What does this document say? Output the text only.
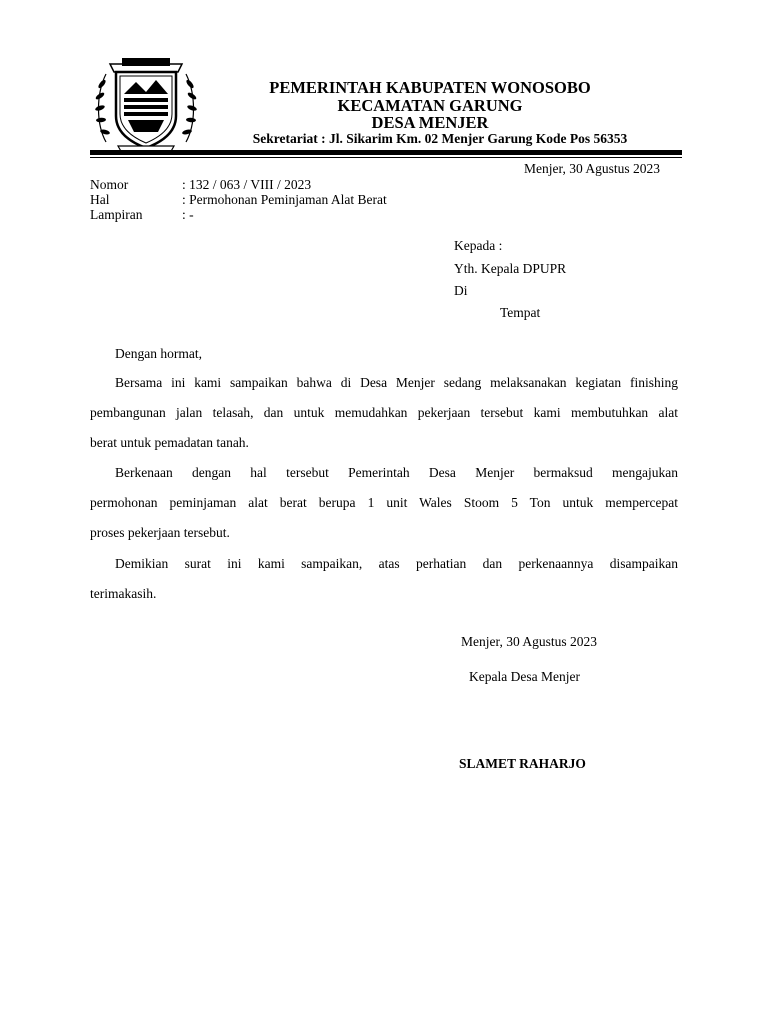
PEMERINTAH KABUPATEN WONOSOBO
KECAMATAN GARUNG
DESA MENJER
Sekretariat : Jl. Sikarim Km. 02 Menjer Garung Kode Pos 56353
Menjer, 30 Agustus 2023
Nomor	: 132 / 063 / VIII / 2023
Hal	: Permohonan Peminjaman Alat Berat
Lampiran	: -
Kepada :
Yth. Kepala DPUPR
Di
Tempat
Dengan hormat,
Bersama ini kami sampaikan bahwa di Desa Menjer sedang melaksanakan kegiatan finishing
pembangunan jalan telasah, dan untuk memudahkan pekerjaan tersebut kami membutuhkan alat
berat untuk pemadatan tanah.
Berkenaan dengan hal tersebut Pemerintah Desa Menjer bermaksud mengajukan
permohonan peminjaman alat berat berupa 1 unit Wales Stoom 5 Ton untuk mempercepat
proses pekerjaan tersebut.
Demikian surat ini kami sampaikan, atas perhatian dan perkenaannya disampaikan
terimakasih.
Menjer, 30 Agustus 2023
Kepala Desa Menjer
SLAMET RAHARJO
